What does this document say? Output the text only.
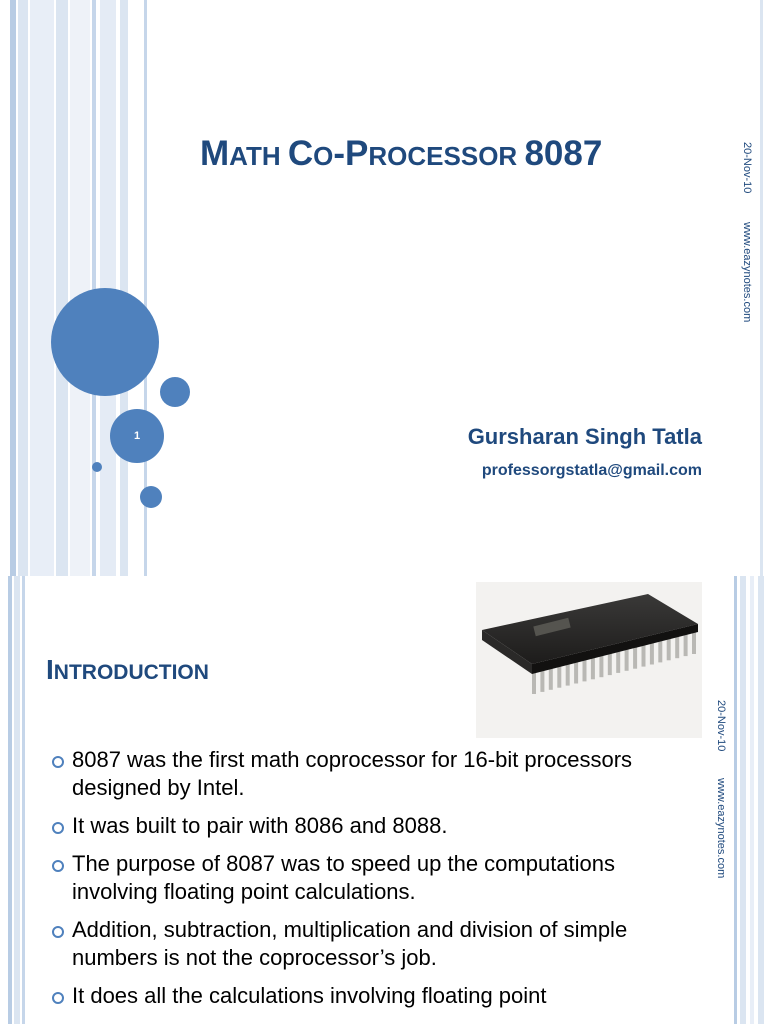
MATH CO-PROCESSOR 8087
1	Gursharan Singh Tatla
professorgstatla@gmail.com
20-Nov-10
www.eazynotes.com
20-Nov-10
www.eazynotes.com
INTRODUCTION
8087 was the first math coprocessor for 16-bit processors designed by Intel.
It was built to pair with 8086 and 8088.
The purpose of 8087 was to speed up the computations involving floating point calculations.
Addition, subtraction, multiplication and division of simple numbers is not the coprocessor’s job.
It does all the calculations involving floating point
